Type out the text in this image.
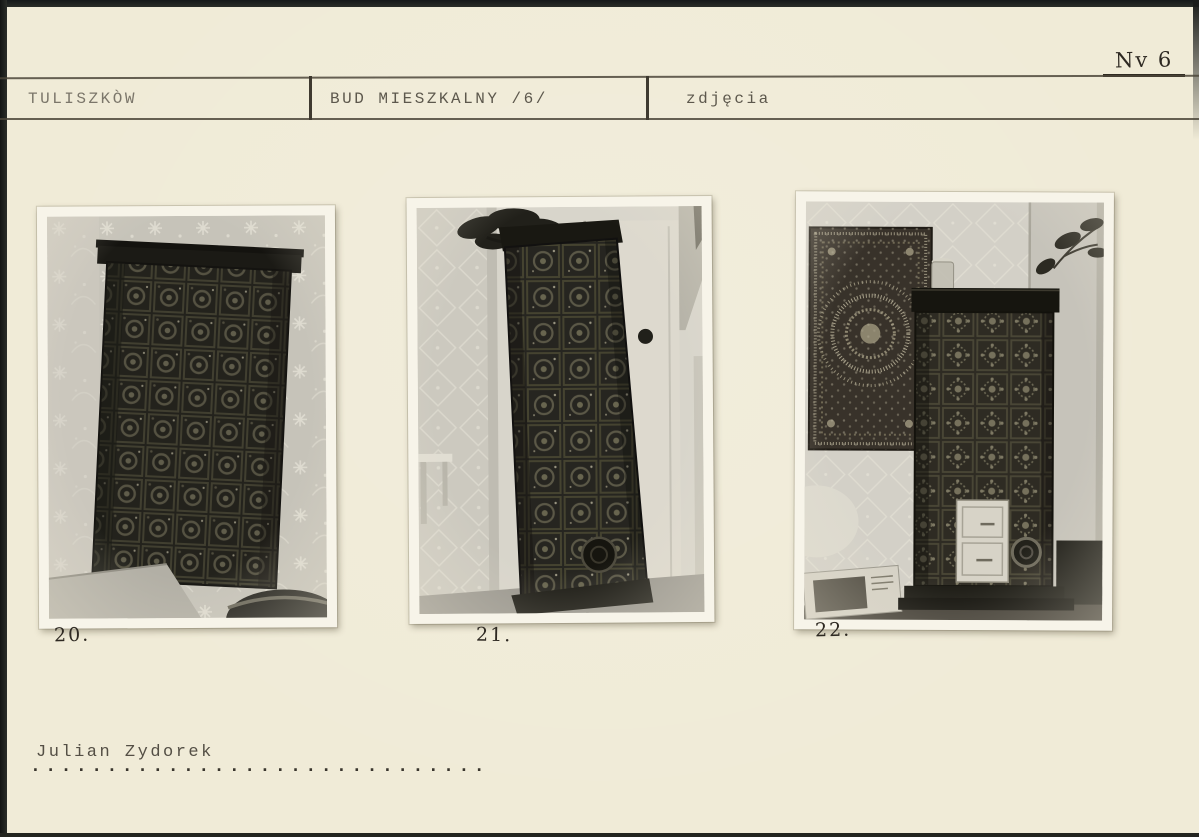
Nv 6
TULISZKÒW	BUD MIESZKALNY /6/	zdjęcia
20.	21.	22.
Julian Zydorek
..............................
